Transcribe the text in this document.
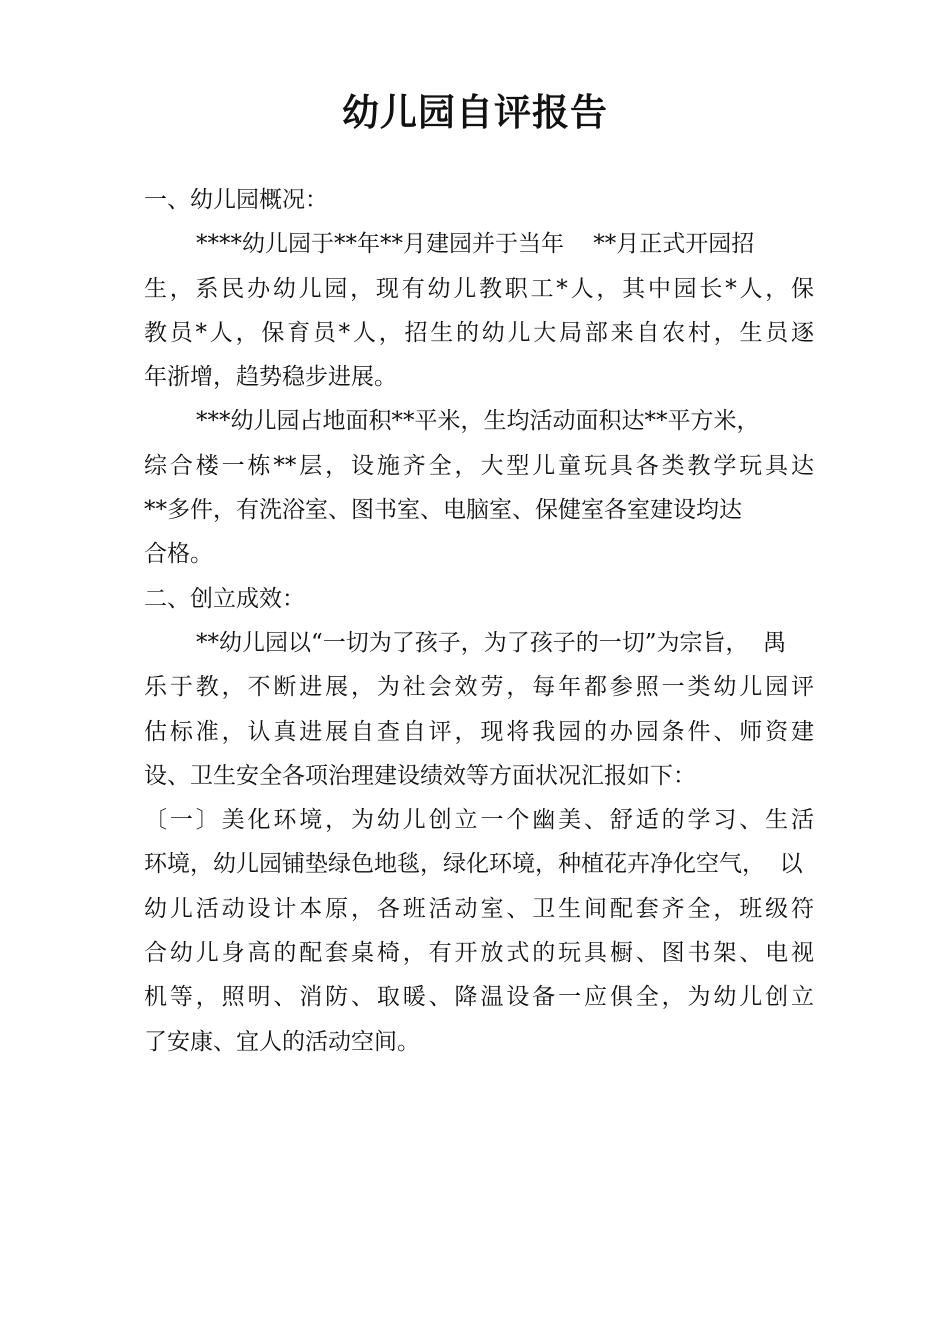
幼儿园自评报告
一、幼儿园概况：
****幼儿园于**年**月建园并于当年    **月正式开园招
生，系民办幼儿园，现有幼儿教职工*人，其中园长*人，保
教员*人，保育员*人，招生的幼儿大局部来自农村，生员逐
年浙增，趋势稳步进展。
***幼儿园占地面积**平米，生均活动面积达**平方米，
综合楼一栋**层，设施齐全，大型儿童玩具各类教学玩具达
**多件，有洗浴室、图书室、电脑室、保健室各室建设均达
合格。
二、创立成效：
**幼儿园以“一切为了孩子，为了孩子的一切”为宗旨，  禺
乐于教，不断进展，为社会效劳，每年都参照一类幼儿园评
估标准，认真进展自查自评，现将我园的办园条件、师资建
设、卫生安全各项治理建设绩效等方面状况汇报如下：
〔一〕美化环境，为幼儿创立一个幽美、舒适的学习、生活
环境，幼儿园铺垫绿色地毯，绿化环境，种植花卉净化空气，  以
幼儿活动设计本原，各班活动室、卫生间配套齐全，班级符
合幼儿身高的配套桌椅，有开放式的玩具橱、图书架、电视
机等，照明、消防、取暖、降温设备一应俱全，为幼儿创立
了安康、宜人的活动空间。
